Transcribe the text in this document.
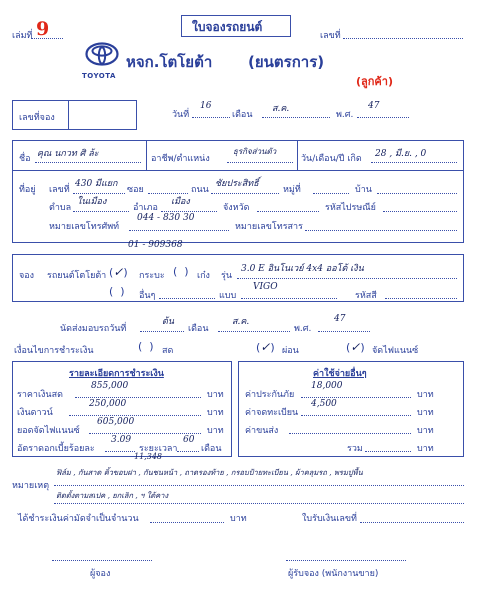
เล่มที่ 9	ใบจองรถยนต์
เลขที่
TOYOTA
หจก.โตโยต้า (ยนตรการ)
(ลูกค้า)
เลขที่จอง	วันที่
16
เดือน
ส.ค.
พ.ศ.
47
ชื่อ คุณ นกวท ศิ ล้ะ	อาชีพ/ตำแหน่ง
ธุรกิจส่วนตัว
วัน/เดือน/ปี เกิด 28 , มี.ย. , 0
ที่อยู่ เลขที่
430 มีแยก
ซอย	ถนน
ชัยประสิทธิ์
หมู่ที่	บ้าน
ตำบล
ในเมือง
อำเภอ
เมือง
จังหวัด	รหัสไปรษณีย์
หมายเลขโทรศัพท์
044 - 830 30
หมายเลขโทรสาร
01 - 909368
จอง รถยนต์โตโยต้า (✓) กระบะ (  ) เก๋ง รุ่น
3.0 E อินโนเวย์ 4x4 ออโต้ เงิน
(  ) อื่นๆ	แบบ
VIGO
รหัสสี
นัดส่งมอบรถวันที่
ต้น
เดือน
ส.ค.
พ.ศ.
47
เงื่อนไขการชำระเงิน	(  ) สด	(✓) ผ่อน	(✓) จัดไฟแนนซ์
รายละเอียดการชำระเงิน
ราคาเงินสด
855,000
บาท
เงินดาวน์
250,000
บาท
ยอดจัดไฟแนนซ์
605,000
บาท
อัตราดอกเบี้ยร้อยละ
3.09
ระยะเวลา
60
เดือน
11,348
ค่าใช้จ่ายอื่นๆ
ค่าประกันภัย
18,000
บาท
ค่าจดทะเบียน
4,500
บาท
ค่าขนส่ง	บาท
รวม	บาท
หมายเหตุ
ฟิล์ม , กันสาด คิ้วขอบฝา , กันชนหน้า , ถาดรองท้าย , กรอบป้ายทะเบียน , ผ้าคลุมรถ , พรมปูพื้น
ติดตั้งตามสเปค , ยกเลิก , ฯ ใต้คาง
ได้ชำระเงินค่ามัดจำเป็นจำนวน	บาท	ใบรับเงินเลขที่
ผู้จอง	ผู้รับจอง (พนักงานขาย)
